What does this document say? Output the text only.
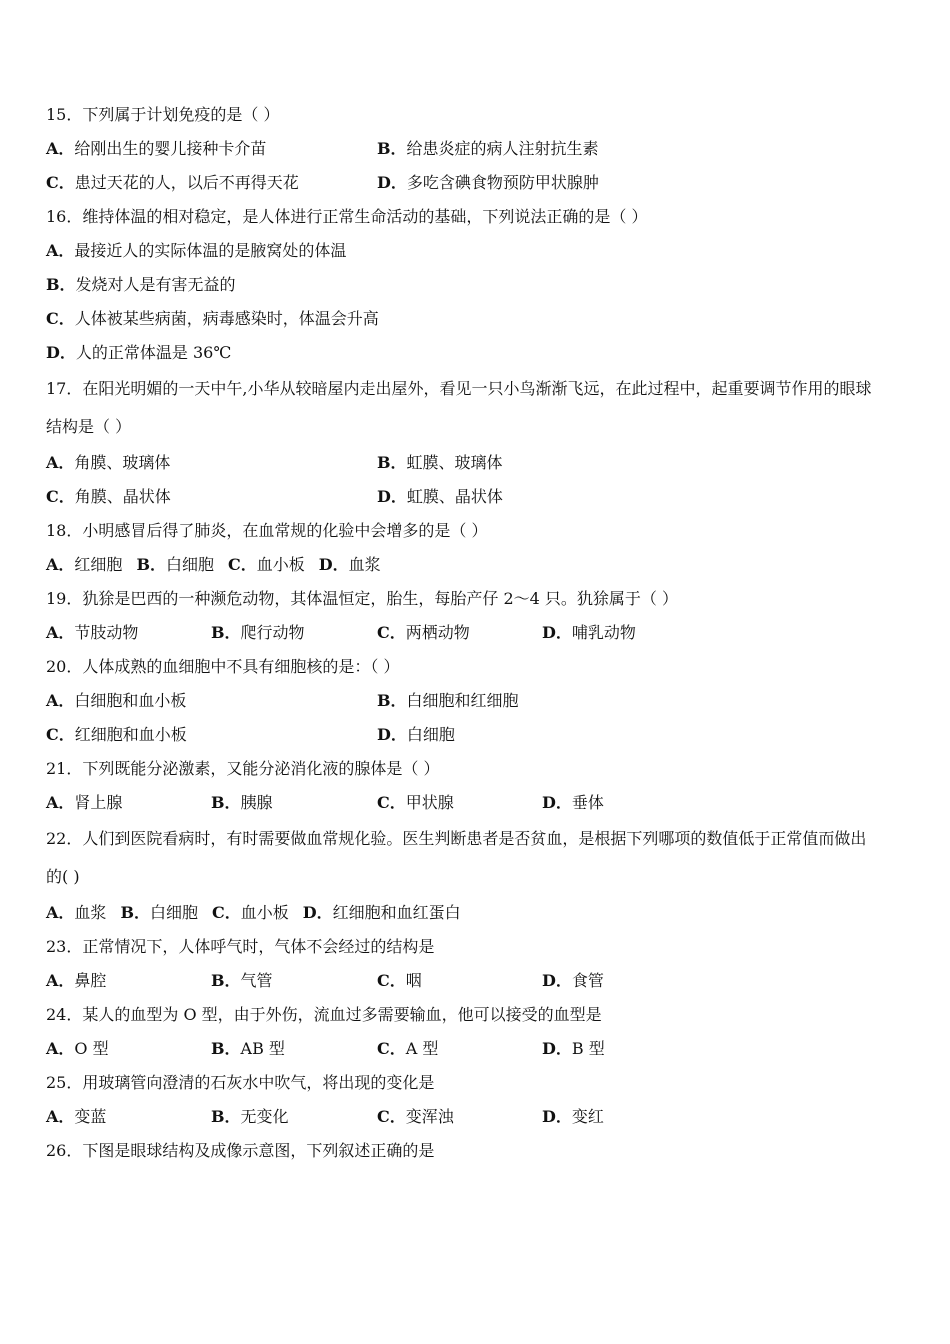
15．下列属于计划免疫的是（ ）
A．给刚出生的婴儿接种卡介苗	B．给患炎症的病人注射抗生素
C．患过天花的人，以后不再得天花	D．多吃含碘食物预防甲状腺肿
16．维持体温的相对稳定，是人体进行正常生命活动的基础，下列说法正确的是（ ）
A．最接近人的实际体温的是腋窝处的体温
B．发烧对人是有害无益的
C．人体被某些病菌，病毒感染时，体温会升高
D．人的正常体温是 36℃
17．在阳光明媚的一天中午,小华从较暗屋内走出屋外，看见一只小鸟渐渐飞远，在此过程中，起重要调节作用的眼球
结构是（ ）
A．角膜、玻璃体	B．虹膜、玻璃体
C．角膜、晶状体	D．虹膜、晶状体
18．小明感冒后得了肺炎，在血常规的化验中会增多的是（ ）
A．红细胞 B．白细胞 C．血小板 D．血浆
19．犰狳是巴西的一种濒危动物，其体温恒定，胎生，每胎产仔 2～4 只。犰狳属于（ ）
A．节肢动物	B．爬行动物	C．两栖动物	D．哺乳动物
20．人体成熟的血细胞中不具有细胞核的是：（ ）
A．白细胞和血小板	B．白细胞和红细胞
C．红细胞和血小板	D．白细胞
21．下列既能分泌激素，又能分泌消化液的腺体是（ ）
A．肾上腺	B．胰腺	C．甲状腺	D．垂体
22．人们到医院看病时，有时需要做血常规化验。医生判断患者是否贫血，是根据下列哪项的数值低于正常值而做出
的( )
A．血浆 B．白细胞 C．血小板 D．红细胞和血红蛋白
23．正常情况下，人体呼气时，气体不会经过的结构是
A．鼻腔	B．气管	C．咽	D．食管
24．某人的血型为 O 型，由于外伤，流血过多需要输血，他可以接受的血型是
A．O 型	B．AB 型	C．A 型	D．B 型
25．用玻璃管向澄清的石灰水中吹气，将出现的变化是
A．变蓝	B．无变化	C．变浑浊	D．变红
26．下图是眼球结构及成像示意图，下列叙述正确的是
